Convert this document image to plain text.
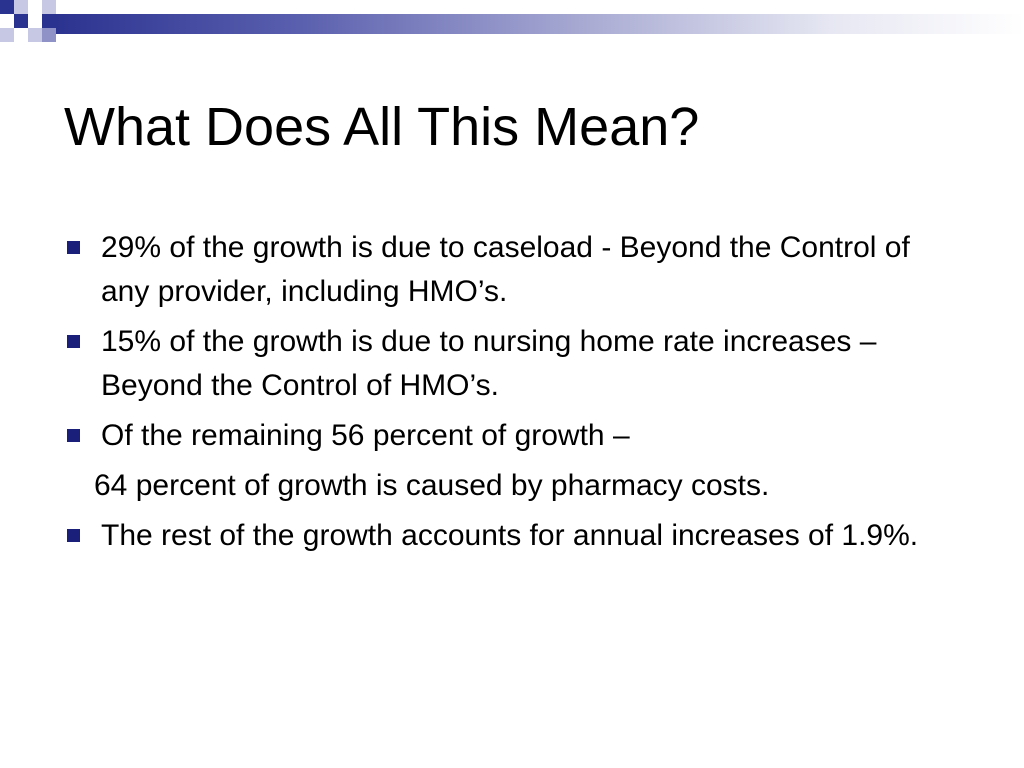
What Does All This Mean?
29% of the growth is due to caseload - Beyond the Control of any provider, including HMO’s.
15% of the growth is due to nursing home rate increases – Beyond the Control of HMO’s.
Of the remaining 56 percent of growth –
64 percent of growth is caused by pharmacy costs.
The rest of the growth accounts for annual increases of 1.9%.
